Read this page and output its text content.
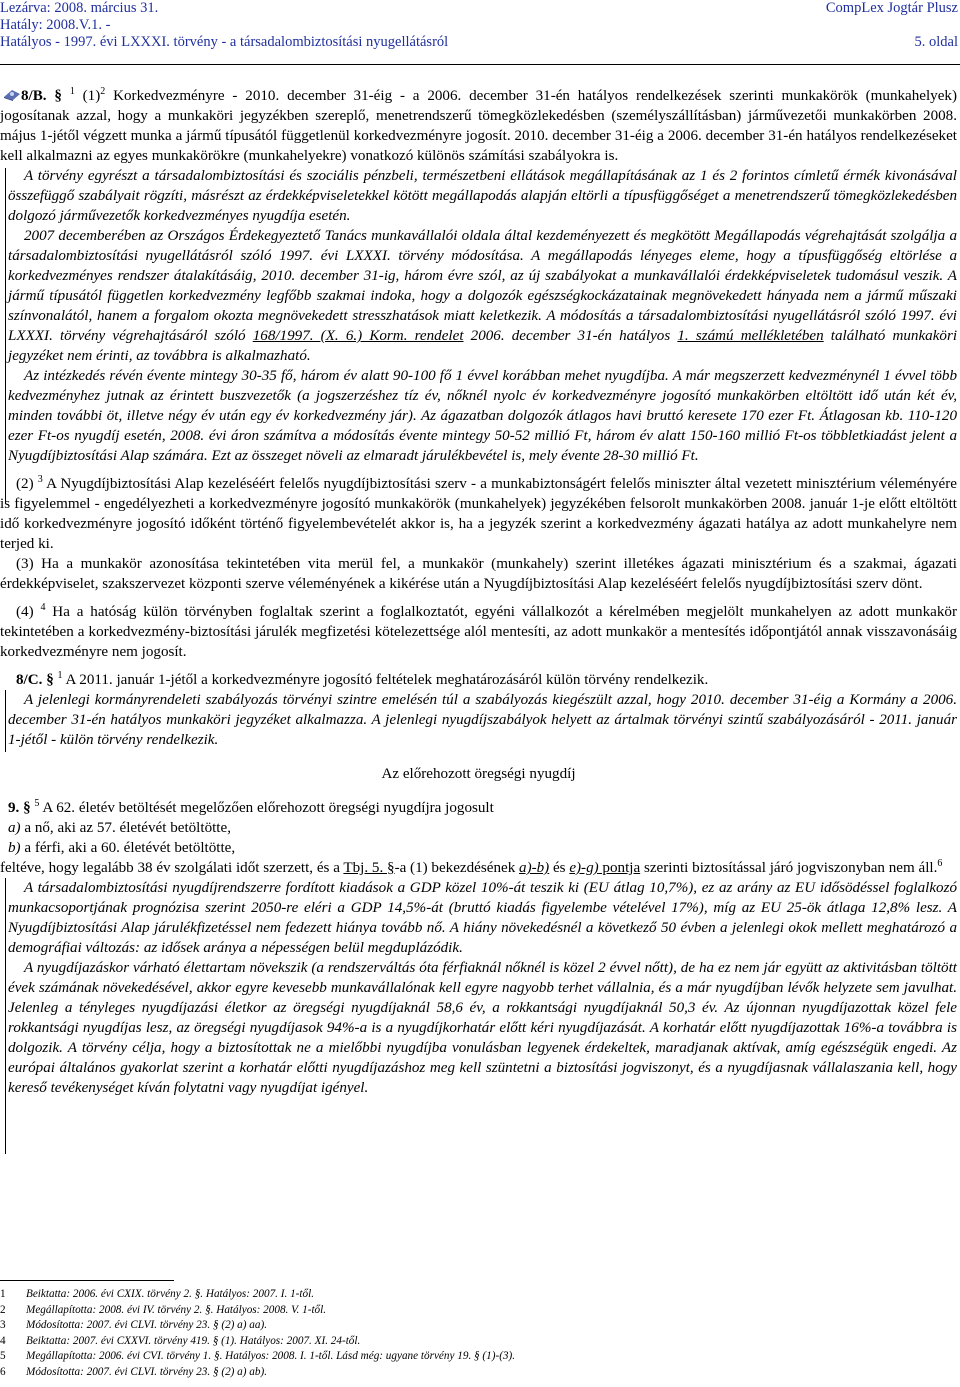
Lezárva: 2008. március 31.
Hatály: 2008.V.1. -
Hatályos - 1997. évi LXXXI. törvény - a társadalombiztosítási nyugellátásról
CompLex Jogtár Plusz
5. oldal

8/B. § $^1$ $(1)^2$ Korkedvezményre - 2010. december 31-éig - a 2006. december 31-én hatályos rendelkezések szerinti munkakörök (munkahelyek) jogosítanak azzal, hogy a munkaköri jegyzékben szereplő, menetrendszerű tömegközlekedésben (személyszállításban) járművezetői munkakörben 2008. május 1-jétől végzett munka a jármű típusától függetlenül korkedvezményre jogosít. 2010. december 31-éig a 2006. december 31-én hatályos rendelkezéseket kell alkalmazni az egyes munkakörökre (munkahelyekre) vonatkozó különös számítási szabályokra is.

A törvény egyrészt a társadalombiztosítási és szociális pénzbeli, természetbeni ellátások megállapításának az 1 és 2 forintos címletű érmék kivonásával összefüggő szabályait rögzíti, másrészt az érdekképviseletekkel kötött megállapodás alapján eltörli a típusfüggőséget a menetrendszerű tömegközlekedésben dolgozó járművezetők korkedvezményes nyugdíja esetén.

2007 decemberében az Országos Érdekegyeztető Tanács munkavállalói oldala által kezdeményezett és megkötött Megállapodás végrehajtását szolgálja a társadalombiztosítási nyugellátásról szóló 1997. évi LXXXI. törvény módosítása. A megállapodás lényeges eleme, hogy a típusfüggőség eltörlése a korkedvezményes rendszer átalakításáig, 2010. december 31-ig, három évre szól, az új szabályokat a munkavállalói érdekképviseletek tudomásul veszik. A jármű típusától független korkedvezmény legfőbb szakmai indoka, hogy a dolgozók egészségkockázatainak megnövekedett hányada nem a jármű műszaki színvonalától, hanem a forgalom okozta megnövekedett stresszhatások miatt keletkezik. A módosítás a társadalombiztosítási nyugellátásról szóló 1997. évi LXXXI. törvény végrehajtásáról szóló 168/1997. (X. 6.) Korm. rendelet 2006. december 31-én hatályos 1. számú mellékletében található munkaköri jegyzéket nem érinti, az továbbra is alkalmazható.

Az intézkedés révén évente mintegy 30-35 fő, három év alatt 90-100 fő 1 évvel korábban mehet nyugdíjba. A már megszerzett kedvezménynél 1 évvel több kedvezményhez jutnak az érintett buszvezetők (a jogszerzéshez tíz év, nőknél nyolc év korkedvezményre jogosító munkakörben eltöltött idő után két év, minden további öt, illetve négy év után egy év korkedvezmény jár). Az ágazatban dolgozók átlagos havi bruttó keresete 170 ezer Ft. Átlagosan kb. 110-120 ezer Ft-os nyugdíj esetén, 2008. évi áron számítva a módosítás évente mintegy 50-52 millió Ft, három év alatt 150-160 millió Ft-os többletkiadást jelent a Nyugdíjbiztosítási Alap számára. Ezt az összeget növeli az elmaradt járulékbevétel is, mely évente 28-30 millió Ft.

(2) $^3$ A Nyugdíjbiztosítási Alap kezeléséért felelős nyugdíjbiztosítási szerv - a munkabiztonságért felelős miniszter által vezetett minisztérium véleményére is figyelemmel - engedélyezheti a korkedvezményre jogosító munkakörök (munkahelyek) jegyzékében felsorolt munkakörben 2008. január 1-je előtt eltöltött idő korkedvezményre jogosító időként történő figyelembevételét akkor is, ha a jegyzék szerint a korkedvezmény ágazati hatálya az adott munkahelyre nem terjed ki.

(3) Ha a munkakör azonosítása tekintetében vita merül fel, a munkakör (munkahely) szerint illetékes ágazati minisztérium és a szakmai, ágazati érdekképviselet, szakszervezet központi szerve véleményének a kikérése után a Nyugdíjbiztosítási Alap kezeléséért felelős nyugdíjbiztosítási szerv dönt.

(4) $^4$ Ha a hatóság külön törvényben foglaltak szerint a foglalkoztatót, egyéni vállalkozót a kérelmében megjelölt munkahelyen az adott munkakör tekintetében a korkedvezmény-biztosítási járulék megfizetési kötelezettsége alól mentesíti, az adott munkakör a mentesítés időpontjától annak visszavonásáig korkedvezményre nem jogosít.

8/C. § $^1$ A 2011. január 1-jétől a korkedvezményre jogosító feltételek meghatározásáról külön törvény rendelkezik.

A jelenlegi kormányrendeleti szabályozás törvényi szintre emelésén túl a szabályozás kiegészült azzal, hogy 2010. december 31-éig a Kormány a 2006. december 31-én hatályos munkaköri jegyzéket alkalmazza. A jelenlegi nyugdíjszabályok helyett az ártalmak törvényi szintű szabályozásáról - 2011. január 1-jétől - külön törvény rendelkezik.

Az előrehozott öregségi nyugdíj

9. § $^5$ A 62. életév betöltését megelőzően előrehozott öregségi nyugdíjra jogosult

a) a nő, aki az 57. életévét betöltötte,

b) a férfi, aki a 60. életévét betöltötte,

feltéve, hogy legalább 38 év szolgálati időt szerzett, és a Tbj. 5. §-a (1) bekezdésének a)-b) és e)-g) pontja szerinti biztosítással járó jogviszonyban nem áll.$^6$

A társadalombiztosítási nyugdíjrendszerre fordított kiadások a GDP közel 10%-át teszik ki (EU átlag 10,7%), ez az arány az EU idősödéssel foglalkozó munkacsoportjának prognózisa szerint 2050-re eléri a GDP 14,5%-át (bruttó kiadás figyelembe vételével 17%), míg az EU 25-ök átlaga 12,8% lesz. A Nyugdíjbiztosítási Alap járulékfizetéssel nem fedezett hiánya tovább nő. A hiány növekedésnél a következő 50 évben a jelenlegi okok mellett meghatározó a demográfiai változás: az idősek aránya a népességen belül megduplázódik.

A nyugdíjazáskor várható élettartam növekszik (a rendszerváltás óta férfiaknál nőknél is közel 2 évvel nőtt), de ha ez nem jár együtt az aktivitásban töltött évek számának növekedésével, akkor egyre kevesebb munkavállalónak kell egyre nagyobb terhet vállalnia, és a már nyugdíjban lévők helyzete sem javulhat. Jelenleg a tényleges nyugdíjazási életkor az öregségi nyugdíjaknál 58,6 év, a rokkantsági nyugdíjaknál 50,3 év. Az újonnan nyugdíjazottak közel fele rokkantsági nyugdíjas lesz, az öregségi nyugdíjasok 94%-a is a nyugdíjkorhatár előtt kéri nyugdíjazását. A korhatár előtt nyugdíjazottak 16%-a továbbra is dolgozik. A törvény célja, hogy a biztosítottak ne a mielőbbi nyugdíjba vonulásban legyenek érdekeltek, maradjanak aktívak, amíg egészségük engedi. Az európai általános gyakorlat szerint a korhatár előtti nyugdíjazáshoz meg kell szüntetni a biztosítási jogviszonyt, és a nyugdíjasnak vállalaszania kell, hogy kereső tevékenységet kíván folytatni vagy nyugdíjat igényel.

1 Beiktatta: 2006. évi CXIX. törvény 2. §. Hatályos: 2007. I. 1-től.
2 Megállapította: 2008. évi IV. törvény 2. §. Hatályos: 2008. V. 1-től.
3 Módosította: 2007. évi CLVI. törvény 23. § (2) a) aa).
4 Beiktatta: 2007. évi CXXVI. törvény 419. § (1). Hatályos: 2007. XI. 24-től.
5 Megállapította: 2006. évi CVI. törvény 1. §. Hatályos: 2008. I. 1-től. Lásd még: ugyane törvény 19. § (1)-(3).
6 Módosította: 2007. évi CLVI. törvény 23. § (2) a) ab).
